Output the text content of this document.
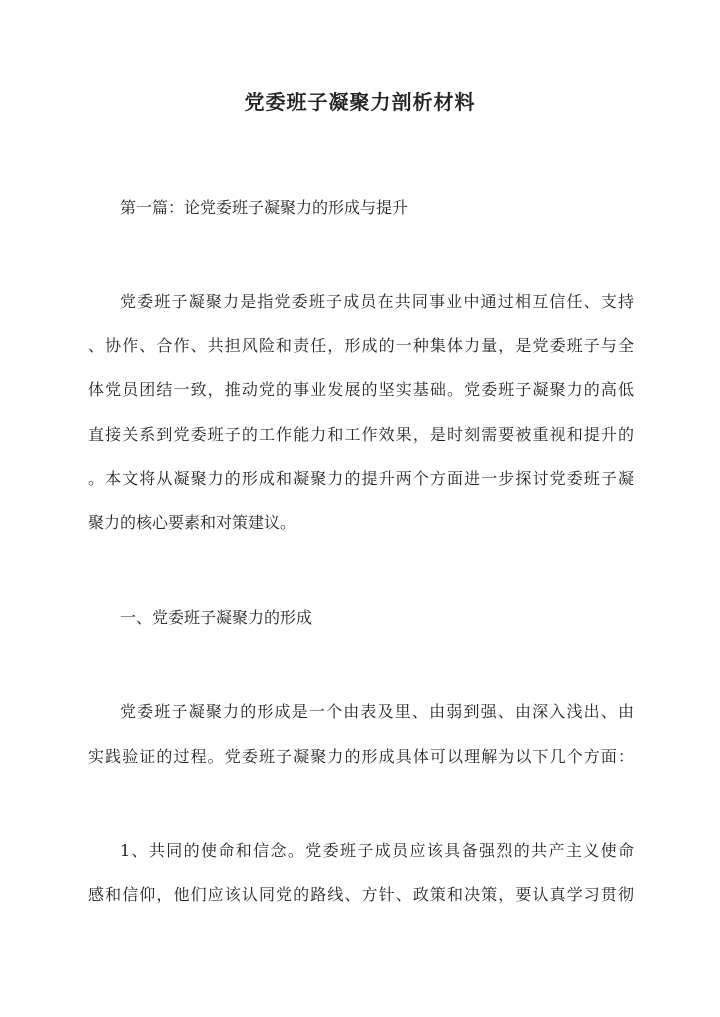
党委班子凝聚力剖析材料

第一篇：论党委班子凝聚力的形成与提升

党委班子凝聚力是指党委班子成员在共同事业中通过相互信任、支持

、协作、合作、共担风险和责任，形成的一种集体力量，是党委班子与全

体党员团结一致，推动党的事业发展的坚实基础。党委班子凝聚力的高低

直接关系到党委班子的工作能力和工作效果，是时刻需要被重视和提升的

。本文将从凝聚力的形成和凝聚力的提升两个方面进一步探讨党委班子凝

聚力的核心要素和对策建议。

一、党委班子凝聚力的形成

党委班子凝聚力的形成是一个由表及里、由弱到强、由深入浅出、由

实践验证的过程。党委班子凝聚力的形成具体可以理解为以下几个方面：

1、共同的使命和信念。党委班子成员应该具备强烈的共产主义使命

感和信仰，他们应该认同党的路线、方针、政策和决策，要认真学习贯彻
